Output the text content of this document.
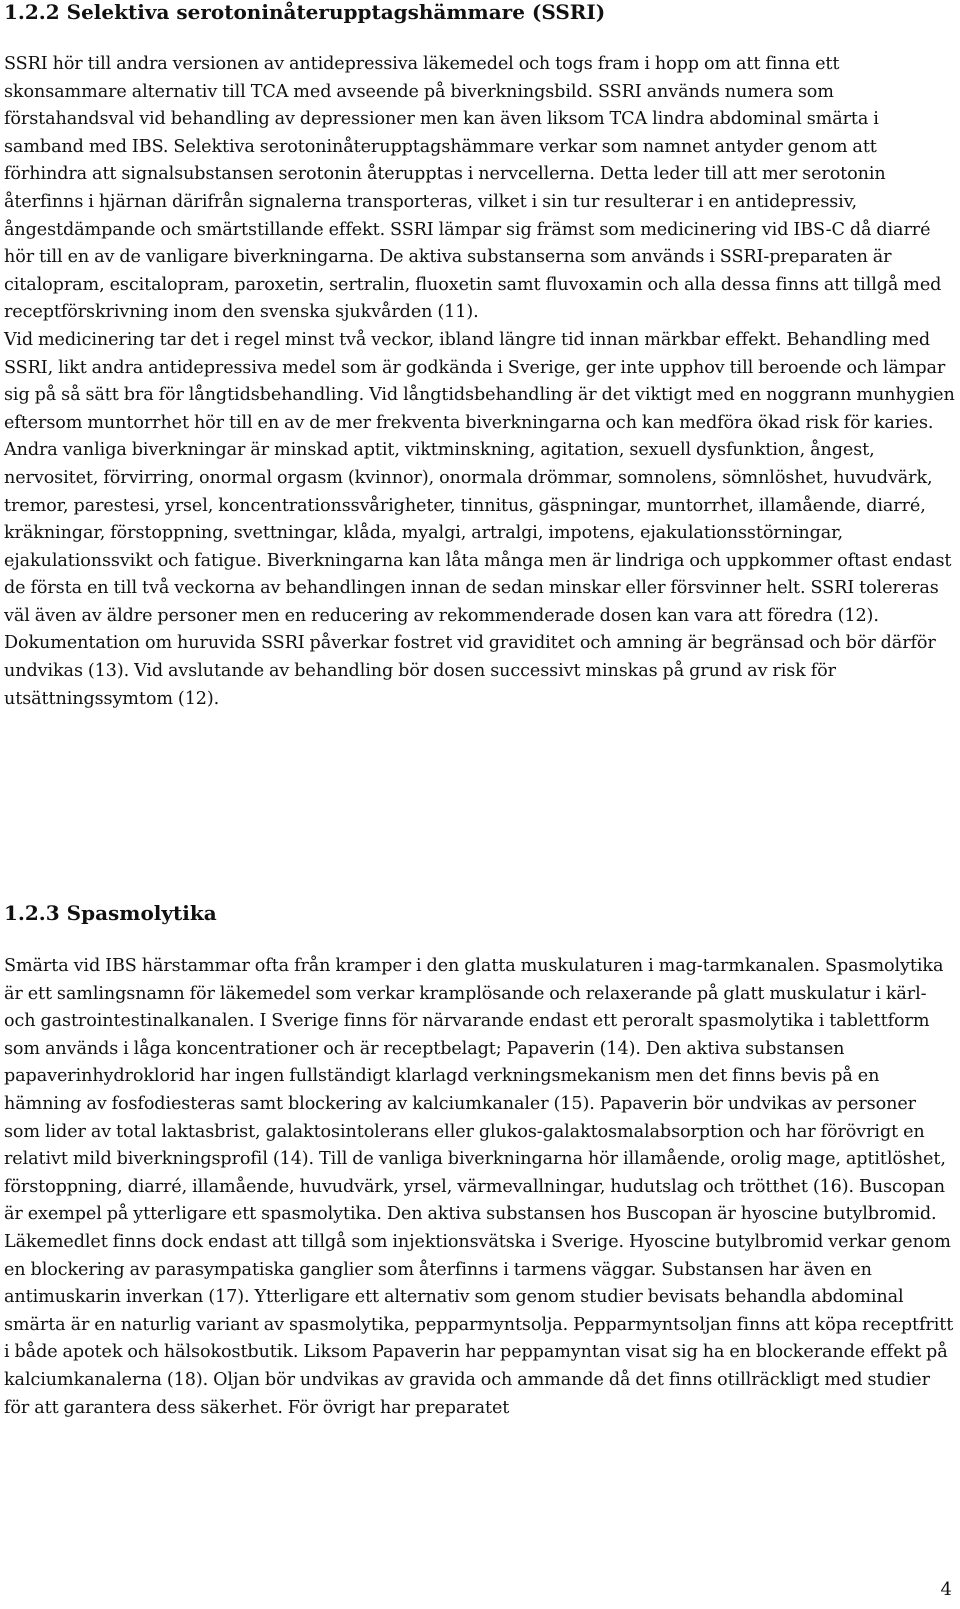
1.2.2 Selektiva serotoninåterupptagshämmare (SSRI)

SSRI hör till andra versionen av antidepressiva läkemedel och togs fram i hopp om att finna ett skonsammare alternativ till TCA med avseende på biverkningsbild. SSRI används numera som förstahandsval vid behandling av depressioner men kan även liksom TCA lindra abdominal smärta i samband med IBS. Selektiva serotoninåterupptagshämmare verkar som namnet antyder genom att förhindra att signalsubstansen serotonin återupptas i nervcellerna. Detta leder till att mer serotonin återfinns i hjärnan därifrån signalerna transporteras, vilket i sin tur resulterar i en antidepressiv, ångestdämpande och smärtstillande effekt. SSRI lämpar sig främst som medicinering vid IBS-C då diarré hör till en av de vanligare biverkningarna. De aktiva substanserna som används i SSRI-preparaten är citalopram, escitalopram, paroxetin, sertralin, fluoxetin samt fluvoxamin och alla dessa finns att tillgå med receptförskrivning inom den svenska sjukvården (11).

Vid medicinering tar det i regel minst två veckor, ibland längre tid innan märkbar effekt. Behandling med SSRI, likt andra antidepressiva medel som är godkända i Sverige, ger inte upphov till beroende och lämpar sig på så sätt bra för långtidsbehandling. Vid långtidsbehandling är det viktigt med en noggrann munhygien eftersom muntorrhet hör till en av de mer frekventa biverkningarna och kan medföra ökad risk för karies. Andra vanliga biverkningar är minskad aptit, viktminskning, agitation, sexuell dysfunktion, ångest, nervositet, förvirring, onormal orgasm (kvinnor), onormala drömmar, somnolens, sömnlöshet, huvudvärk, tremor, parestesi, yrsel, koncentrationssvårigheter, tinnitus, gäspningar, muntorrhet, illamående, diarré, kräkningar, förstoppning, svettningar, klåda, myalgi, artralgi, impotens, ejakulationsstörningar, ejakulationssvikt och fatigue. Biverkningarna kan låta många men är lindriga och uppkommer oftast endast de första en till två veckorna av behandlingen innan de sedan minskar eller försvinner helt. SSRI tolereras väl även av äldre personer men en reducering av rekommenderade dosen kan vara att föredra (12). Dokumentation om huruvida SSRI påverkar fostret vid graviditet och amning är begränsad och bör därför undvikas (13). Vid avslutande av behandling bör dosen successivt minskas på grund av risk för utsättningssymtom (12).

1.2.3 Spasmolytika

Smärta vid IBS härstammar ofta från kramper i den glatta muskulaturen i mag-tarmkanalen. Spasmolytika är ett samlingsnamn för läkemedel som verkar kramplösande och relaxerande på glatt muskulatur i kärl- och gastrointestinalkanalen. I Sverige finns för närvarande endast ett peroralt spasmolytika i tablettform som används i låga koncentrationer och är receptbelagt; Papaverin (14). Den aktiva substansen papaverinhydroklorid har ingen fullständigt klarlagd verkningsmekanism men det finns bevis på en hämning av fosfodiesteras samt blockering av kalciumkanaler (15). Papaverin bör undvikas av personer som lider av total laktasbrist, galaktosintolerans eller glukos-galaktosmalabsorption och har förövrigt en relativt mild biverkningsprofil (14). Till de vanliga biverkningarna hör illamående, orolig mage, aptitlöshet, förstoppning, diarré, illamående, huvudvärk, yrsel, värmevallningar, hudutslag och trötthet (16). Buscopan är exempel på ytterligare ett spasmolytika. Den aktiva substansen hos Buscopan är hyoscine butylbromid. Läkemedlet finns dock endast att tillgå som injektionsvätska i Sverige. Hyoscine butylbromid verkar genom en blockering av parasympatiska ganglier som återfinns i tarmens väggar. Substansen har även en antimuskarin inverkan (17). Ytterligare ett alternativ som genom studier bevisats behandla abdominal smärta är en naturlig variant av spasmolytika, pepparmyntsolja. Pepparmyntsoljan finns att köpa receptfritt i både apotek och hälsokostbutik. Liksom Papaverin har peppamyntan visat sig ha en blockerande effekt på kalciumkanalerna (18). Oljan bör undvikas av gravida och ammande då det finns otillräckligt med studier för att garantera dess säkerhet. För övrigt har preparatet

4
